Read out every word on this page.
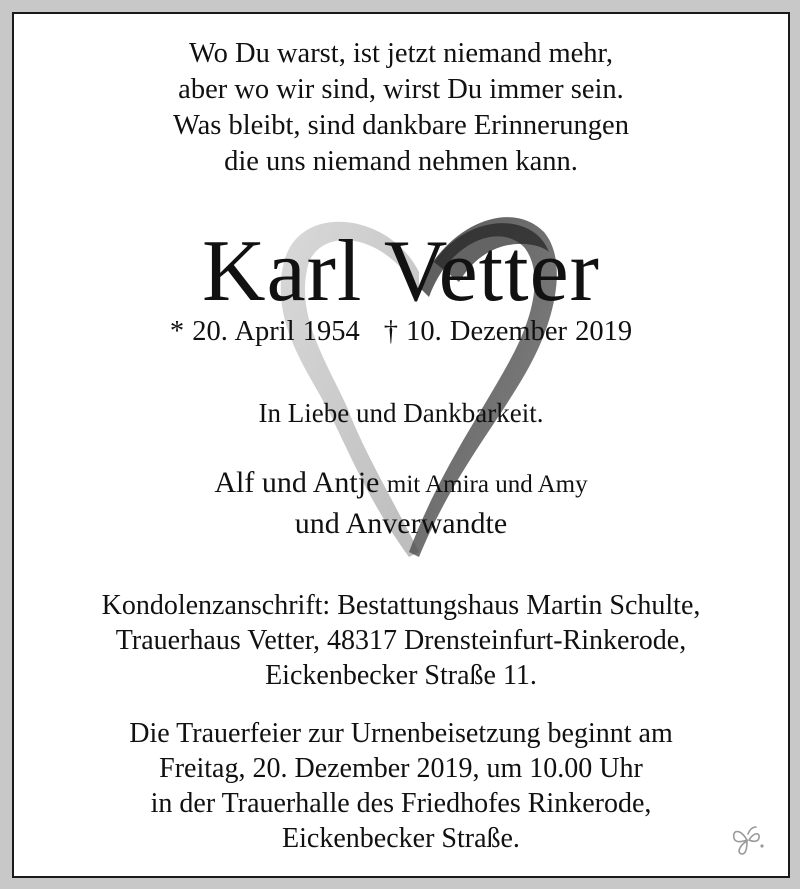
Wo Du warst, ist jetzt niemand mehr,
aber wo wir sind, wirst Du immer sein.
Was bleibt, sind dankbare Erinnerungen
die uns niemand nehmen kann.
Karl Vetter
* 20. April 1954 † 10. Dezember 2019
In Liebe und Dankbarkeit.
Alf und Antje mit Amira und Amy
und Anverwandte
Kondolenzanschrift: Bestattungshaus Martin Schulte,
Trauerhaus Vetter, 48317 Drensteinfurt-Rinkerode,
Eickenbecker Straße 11.
Die Trauerfeier zur Urnenbeisetzung beginnt am
Freitag, 20. Dezember 2019, um 10.00 Uhr
in der Trauerhalle des Friedhofes Rinkerode,
Eickenbecker Straße.
